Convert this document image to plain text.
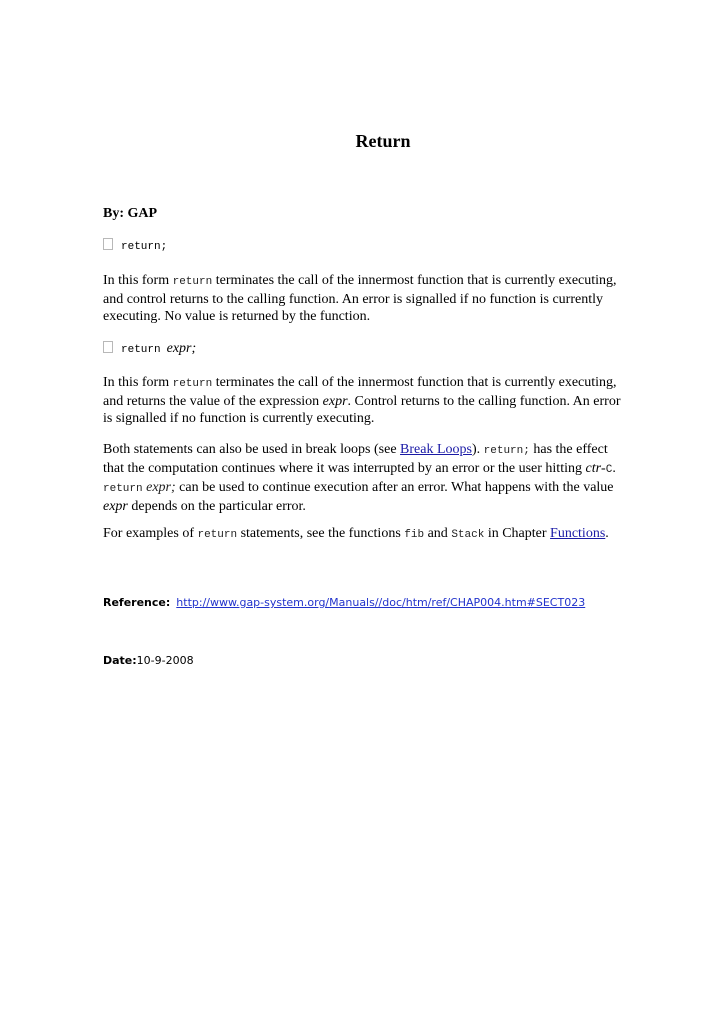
Return
By: GAP
return;
In this form return terminates the call of the innermost function that is currently executing, and control returns to the calling function. An error is signalled if no function is currently executing. No value is returned by the function.
return expr;
In this form return terminates the call of the innermost function that is currently executing, and returns the value of the expression expr. Control returns to the calling function. An error is signalled if no function is currently executing.
Both statements can also be used in break loops (see Break Loops). return; has the effect that the computation continues where it was interrupted by an error or the user hitting ctr-C. return expr; can be used to continue execution after an error. What happens with the value expr depends on the particular error.
For examples of return statements, see the functions fib and Stack in Chapter Functions.
Reference: http://www.gap-system.org/Manuals//doc/htm/ref/CHAP004.htm#SECT023
Date:10-9-2008
